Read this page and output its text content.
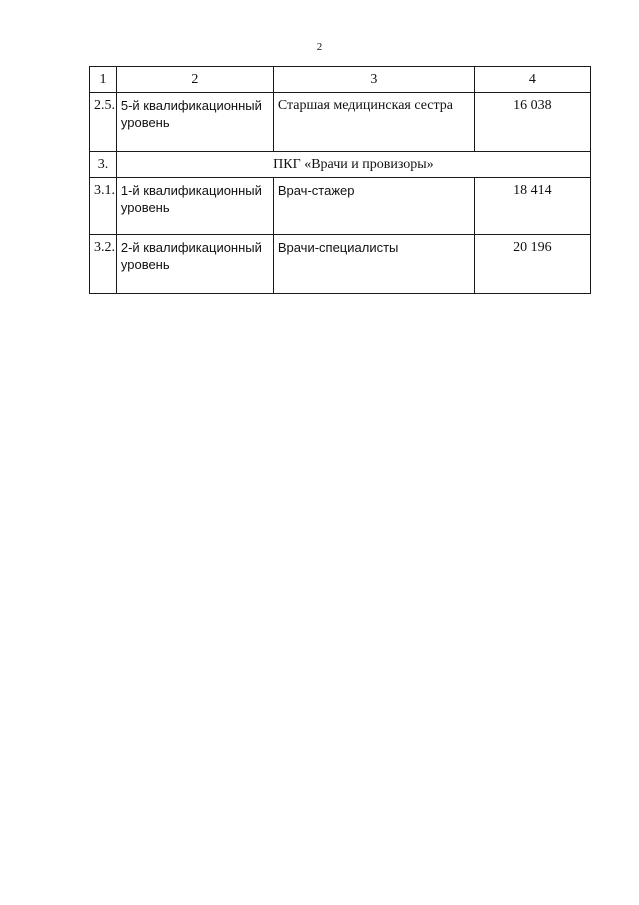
2
1	2	3	4
2.5.	5-й квалификационный уровень	Старшая медицинская сестра	16 038
3.	ПКГ «Врачи и провизоры»		
3.1.	1-й квалификационный уровень	Врач-стажер	18 414
3.2.	2-й квалификационный уровень	Врачи-специалисты	20 196
